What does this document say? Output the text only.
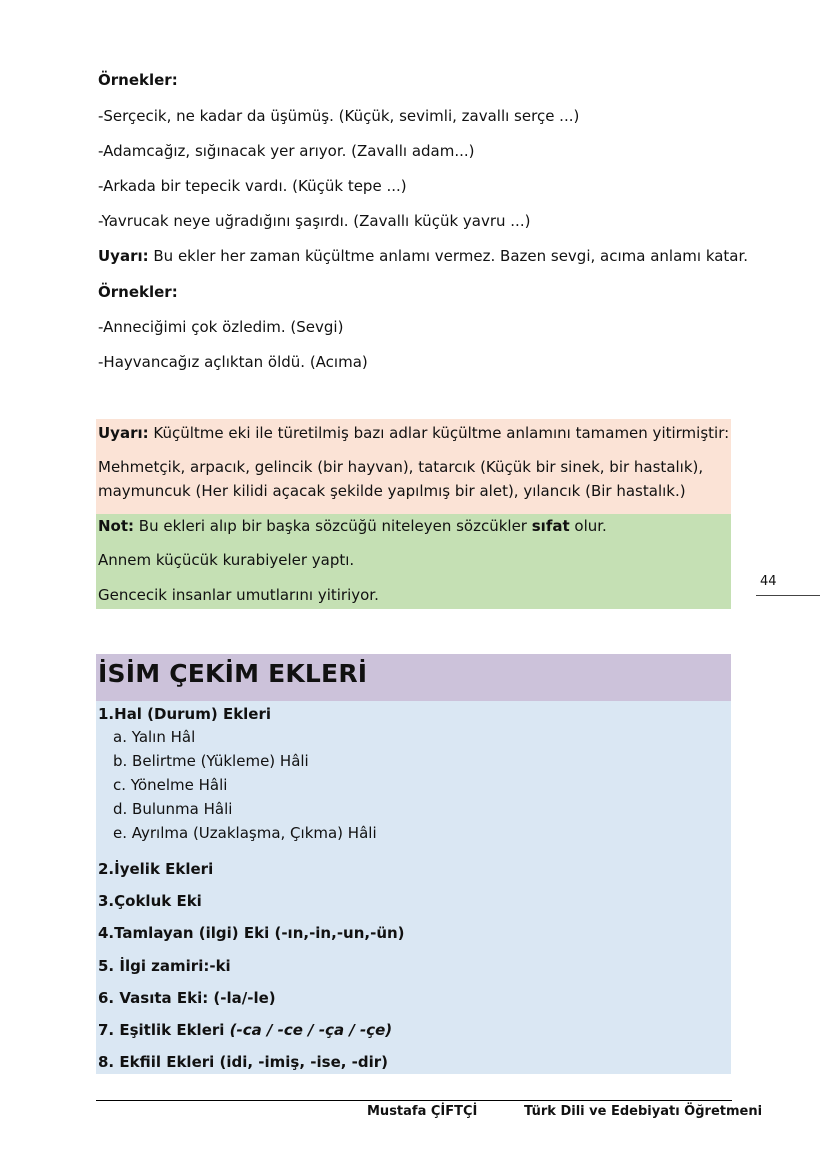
Örnekler:
-Serçecik, ne kadar da üşümüş. (Küçük, sevimli, zavallı serçe ...)
-Adamcağız, sığınacak yer arıyor. (Zavallı adam...)
-Arkada bir tepecik vardı. (Küçük tepe ...)
-Yavrucak neye uğradığını şaşırdı. (Zavallı küçük yavru ...)
Uyarı: Bu ekler her zaman küçültme anlamı vermez. Bazen sevgi, acıma anlamı katar.
Örnekler:
-Anneciğimi çok özledim. (Sevgi)
-Hayvancağız açlıktan öldü. (Acıma)
Uyarı: Küçültme eki ile türetilmiş bazı adlar küçültme anlamını tamamen yitirmiştir:
Mehmetçik, arpacık, gelincik (bir hayvan), tatarcık (Küçük bir sinek, bir hastalık),
maymuncuk (Her kilidi açacak şekilde yapılmış bir alet), yılancık (Bir hastalık.)
Not: Bu ekleri alıp bir başka sözcüğü niteleyen sözcükler sıfat olur.
Annem küçücük kurabiyeler yaptı.
Gencecik insanlar umutlarını yitiriyor.
44
İSİM ÇEKİM EKLERİ
1.Hal (Durum) Ekleri
a. Yalın Hâl
b. Belirtme (Yükleme) Hâli
c. Yönelme Hâli
d. Bulunma Hâli
e. Ayrılma (Uzaklaşma, Çıkma) Hâli
2.İyelik Ekleri
3.Çokluk Eki
4.Tamlayan (ilgi) Eki (-ın,-in,-un,-ün)
5. İlgi zamiri:-ki
6. Vasıta Eki: (-la/-le)
7. Eşitlik Ekleri (-ca / -ce / -ça / -çe)
8. Ekfiil Ekleri (idi, -imiş, -ise, -dir)
Mustafa ÇİFTÇİ	Türk Dili ve Edebiyatı Öğretmeni
